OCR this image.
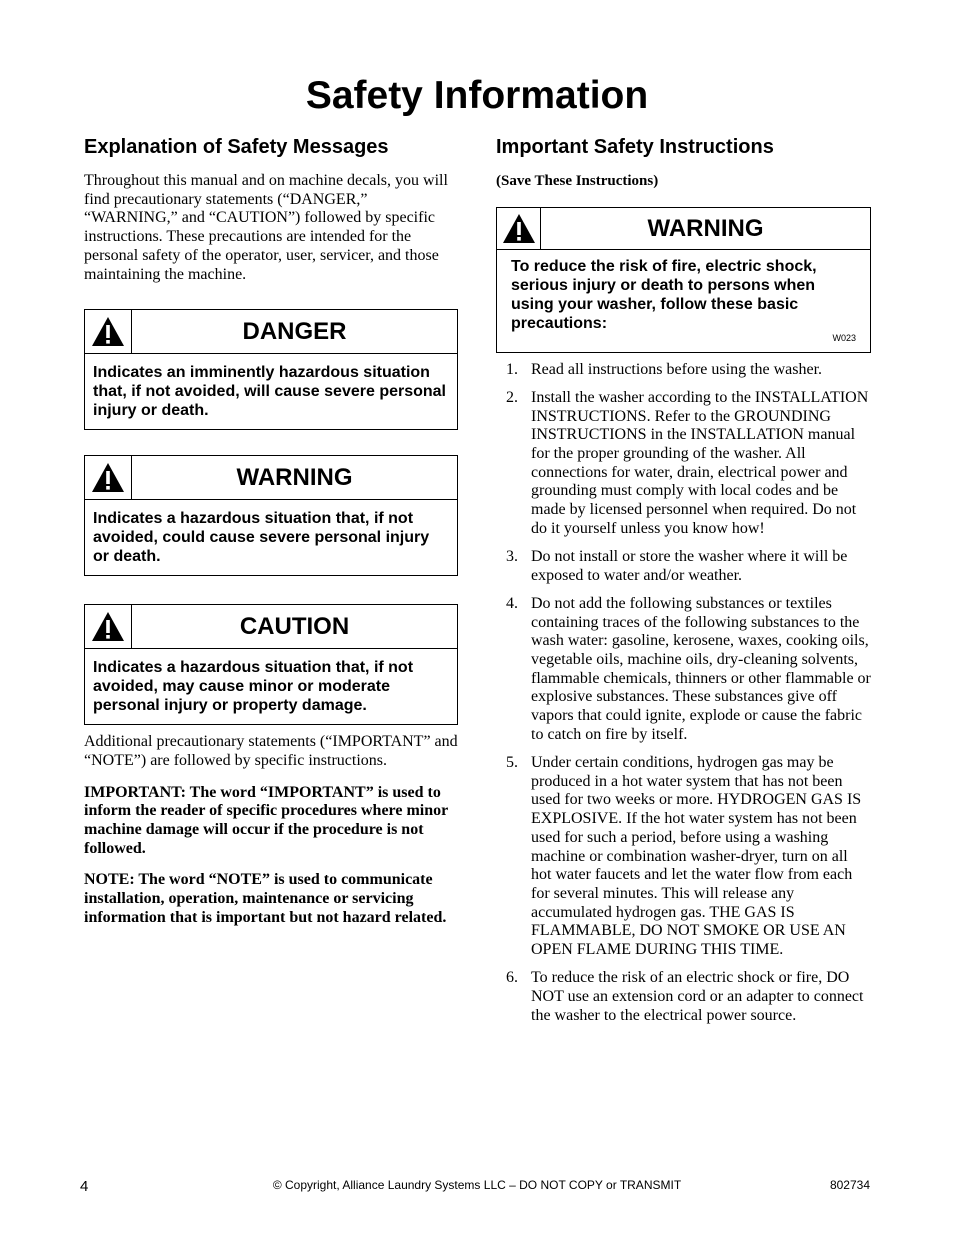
Safety Information
Explanation of Safety Messages

Throughout this manual and on machine decals, you will find precautionary statements (“DANGER,” “WARNING,” and “CAUTION”) followed by specific instructions. These precautions are intended for the personal safety of the operator, user, servicer, and those maintaining the machine.

DANGER
Indicates an imminently hazardous situation that, if not avoided, will cause severe personal injury or death.
WARNING
Indicates a hazardous situation that, if not avoided, could cause severe personal injury or death.
CAUTION
Indicates a hazardous situation that, if not avoided, may cause minor or moderate personal injury or property damage.

Additional precautionary statements (“IMPORTANT” and “NOTE”) are followed by specific instructions.

IMPORTANT: The word “IMPORTANT” is used to inform the reader of specific procedures where minor machine damage will occur if the procedure is not followed.

NOTE: The word “NOTE” is used to communicate installation, operation, maintenance or servicing information that is important but not hazard related.

Important Safety Instructions

(Save These Instructions)

WARNING
To reduce the risk of fire, electric shock, serious injury or death to persons when using your washer, follow these basic precautions:
W023
1. Read all instructions before using the washer.
2. Install the washer according to the INSTALLATION INSTRUCTIONS. Refer to the GROUNDING INSTRUCTIONS in the INSTALLATION manual for the proper grounding of the washer. All connections for water, drain, electrical power and grounding must comply with local codes and be made by licensed personnel when required. Do not do it yourself unless you know how!
3. Do not install or store the washer where it will be exposed to water and/or weather.
4. Do not add the following substances or textiles containing traces of the following substances to the wash water: gasoline, kerosene, waxes, cooking oils, vegetable oils, machine oils, dry-cleaning solvents, flammable chemicals, thinners or other flammable or explosive substances. These substances give off vapors that could ignite, explode or cause the fabric to catch on fire by itself.
5. Under certain conditions, hydrogen gas may be produced in a hot water system that has not been used for two weeks or more. HYDROGEN GAS IS EXPLOSIVE. If the hot water system has not been used for such a period, before using a washing machine or combination washer-dryer, turn on all hot water faucets and let the water flow from each for several minutes. This will release any accumulated hydrogen gas. THE GAS IS FLAMMABLE, DO NOT SMOKE OR USE AN OPEN FLAME DURING THIS TIME.
6. To reduce the risk of an electric shock or fire, DO NOT use an extension cord or an adapter to connect the washer to the electrical power source.
4	© Copyright, Alliance Laundry Systems LLC – DO NOT COPY or TRANSMIT	802734
